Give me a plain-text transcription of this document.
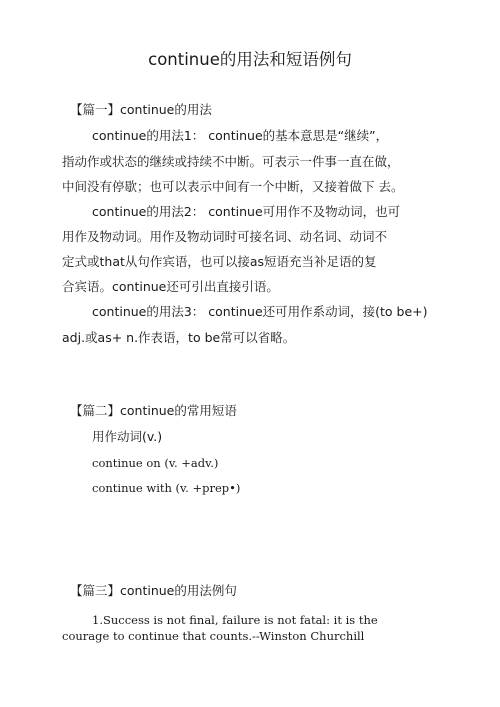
continue的用法和短语例句
【篇一】continue的用法
continue的用法1： continue的基本意思是“继续”，
指动作或状态的继续或持续不中断。可表示一件事一直在做，
中间没有停歇；也可以表示中间有一个中断，又接着做下 去。
continue的用法2： continue可用作不及物动词，也可
用作及物动词。用作及物动词时可接名词、动名词、动词不
定式或that从句作宾语，也可以接as短语充当补足语的复
合宾语。continue还可引出直接引语。
continue的用法3： continue还可用作系动词，接(to be+)
adj.或as+ n.作表语，to be常可以省略。
【篇二】continue的常用短语
用作动词(v.)
continue on (v. +adv.)
continue with (v. +prep•)
【篇三】continue的用法例句
1.Success is not final, failure is not fatal: it is the
courage to continue that counts.--Winston Churchill
